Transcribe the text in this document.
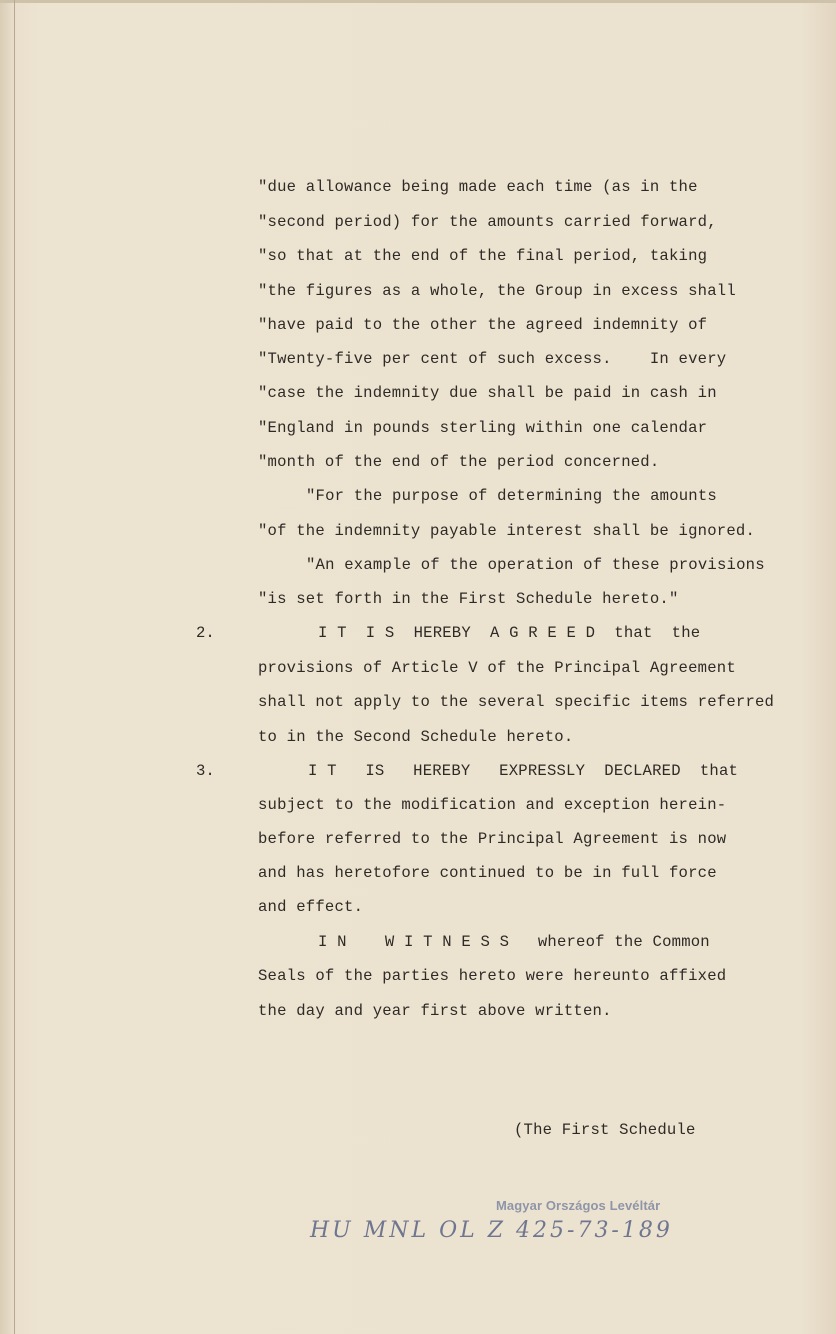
"due allowance being made each time (as in the
"second period) for the amounts carried forward,
"so that at the end of the final period, taking
"the figures as a whole, the Group in excess shall
"have paid to the other the agreed indemnity of
"Twenty-five per cent of such excess.    In every
"case the indemnity due shall be paid in cash in
"England in pounds sterling within one calendar
"month of the end of the period concerned.
"For the purpose of determining the amounts
"of the indemnity payable interest shall be ignored.
"An example of the operation of these provisions
"is set forth in the First Schedule hereto."
2.	I T  I S  HEREBY  A G R E E D  that  the
provisions of Article V of the Principal Agreement
shall not apply to the several specific items referred
to in the Second Schedule hereto.
3.	I T   IS   HEREBY   EXPRESSLY  DECLARED  that
subject to the modification and exception herein-
before referred to the Principal Agreement is now
and has heretofore continued to be in full force
and effect.
I N    W I T N E S S   whereof the Common
Seals of the parties hereto were hereunto affixed
the day and year first above written.
(The First Schedule
Magyar Országos Levéltár
HU MNL OL Z 425-73-189
